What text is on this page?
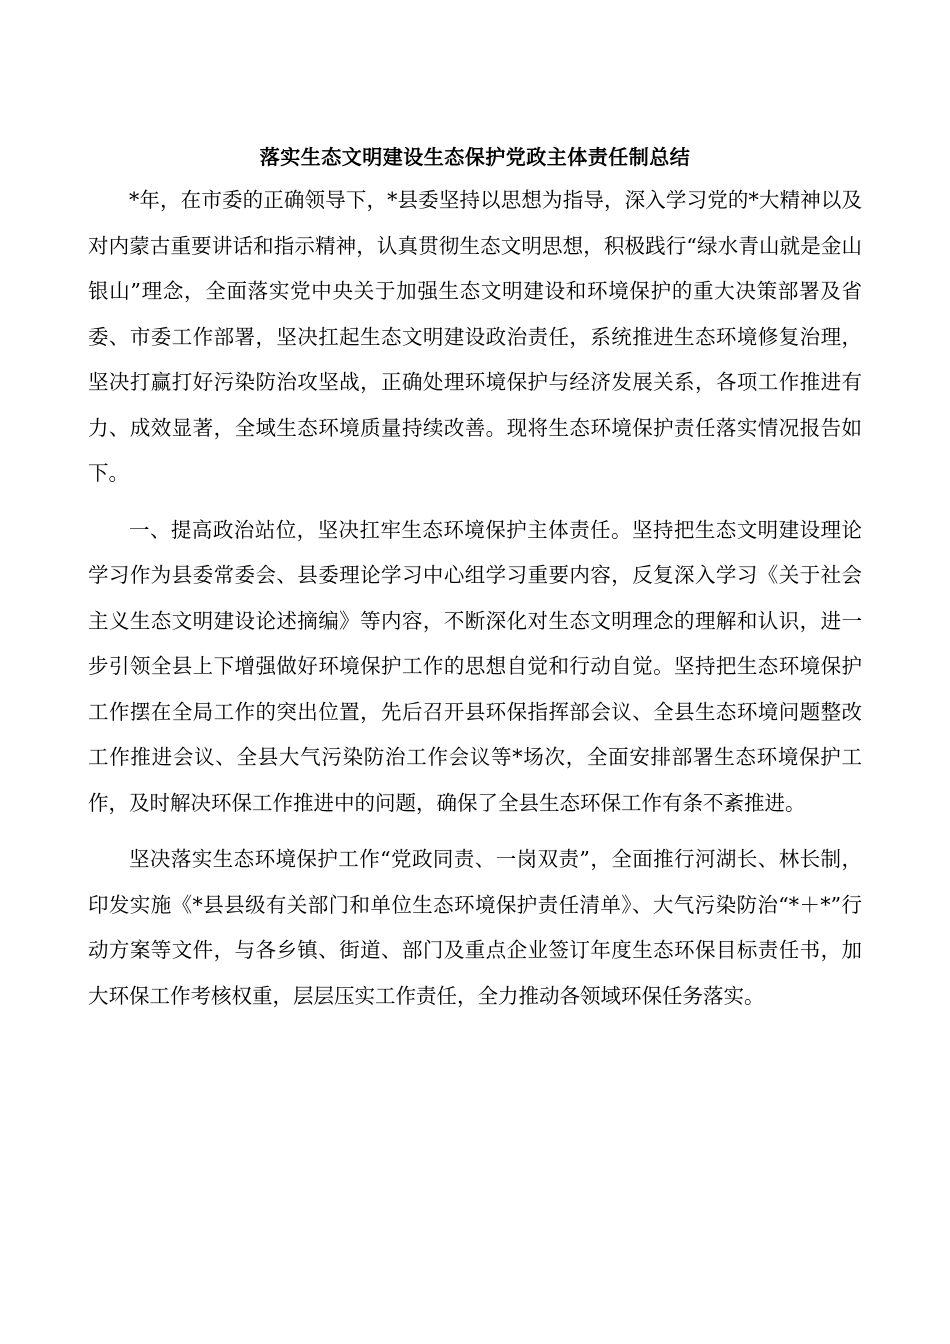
落实生态文明建设生态保护党政主体责任制总结

*年，在市委的正确领导下，*县委坚持以思想为指导，深入学习党的*大精神以及对内蒙古重要讲话和指示精神，认真贯彻生态文明思想，积极践行“绿水青山就是金山银山”理念，全面落实党中央关于加强生态文明建设和环境保护的重大决策部署及省委、市委工作部署，坚决扛起生态文明建设政治责任，系统推进生态环境修复治理，坚决打赢打好污染防治攻坚战，正确处理环境保护与经济发展关系，各项工作推进有力、成效显著，全域生态环境质量持续改善。现将生态环境保护责任落实情况报告如下。

一、提高政治站位，坚决扛牢生态环境保护主体责任。坚持把生态文明建设理论学习作为县委常委会、县委理论学习中心组学习重要内容，反复深入学习《关于社会主义生态文明建设论述摘编》等内容，不断深化对生态文明理念的理解和认识，进一步引领全县上下增强做好环境保护工作的思想自觉和行动自觉。坚持把生态环境保护工作摆在全局工作的突出位置，先后召开县环保指挥部会议、全县生态环境问题整改工作推进会议、全县大气污染防治工作会议等*场次，全面安排部署生态环境保护工作，及时解决环保工作推进中的问题，确保了全县生态环保工作有条不紊推进。

坚决落实生态环境保护工作“党政同责、一岗双责”，全面推行河湖长、林长制，印发实施《*县县级有关部门和单位生态环境保护责任清单》、大气污染防治“*＋*”行动方案等文件，与各乡镇、街道、部门及重点企业签订年度生态环保目标责任书，加大环保工作考核权重，层层压实工作责任，全力推动各领域环保任务落实。
